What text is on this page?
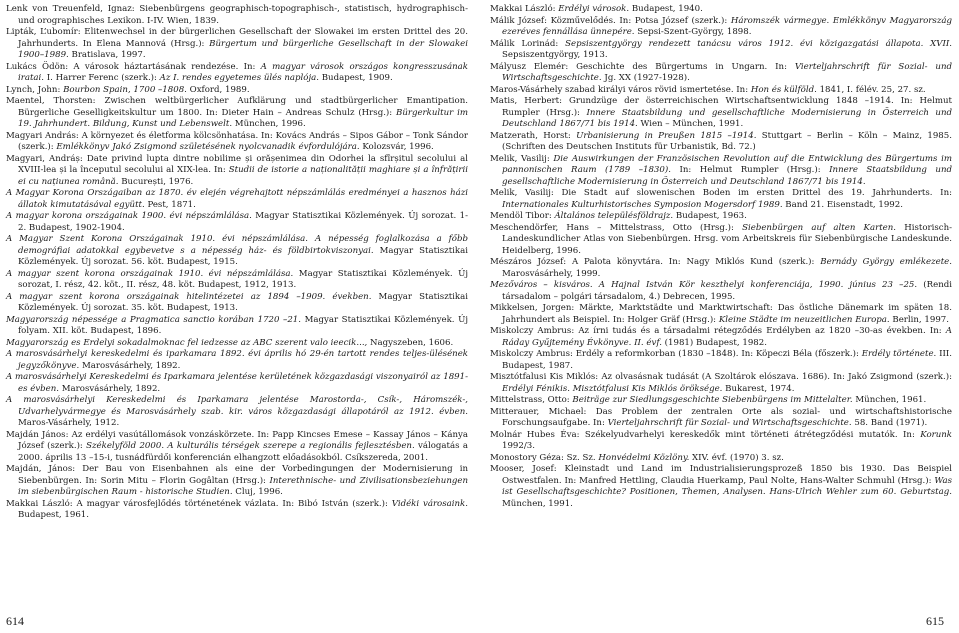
Lenk von Treuenfeld, Ignaz: Siebenbürgens geographisch-topographisch-, statistisch, hydrographisch- und orographisches Lexikon. I-IV. Wien, 1839.

Lipták, L’ubomír: Elitenwechsel in der bürgerlichen Gesellschaft der Slowakei im ersten Drittel des 20. Jahrhunderts. In Elena Mannová (Hrsg.): Bürgertum und bürgerliche Gesellschaft in der Slowakei 1900–1989. Bratislava, 1997.

Lukács Ödön: A városok háztartásának rendezése. In: A magyar városok országos kongresszusának iratai. I. Harrer Ferenc (szerk.): Az I. rendes egyetemes ülés naplója. Budapest, 1909.

Lynch, John: Bourbon Spain, 1700 –1808. Oxford, 1989.

Maentel, Thorsten: Zwischen weltbürgerlicher Aufklärung und stadtbürgerlicher Emantipation. Bürgerliche Geselligkeitskultur um 1800. In: Dieter Hain – Andreas Schulz (Hrsg.): Bürgerkultur im 19. Jahrhundert. Bildung, Kunst und Lebenswelt. München, 1996.

Magyari András: A környezet és életforma kölcsönhatása. In: Kovács András – Sipos Gábor – Tonk Sándor (szerk.): Emlékkönyv Jakó Zsigmond születésének nyolcvanadik évfordulójára. Kolozsvár, 1996.

Magyari, Andráș: Date privind lupta dintre nobilime și orășenimea din Odorhei la sfîrșitul secolului al XVIII-lea și la începutul secolului al XIX-lea. In: Studii de istorie a naționalității maghiare și a înfrățirii ei cu națiunea română. București, 1976.

A Magyar Korona Országaiban az 1870. év elején végrehajtott népszámlálás eredményei a hasznos házi állatok kimutatásával együtt. Pest, 1871.

A magyar korona országainak 1900. évi népszámlálása. Magyar Statisztikai Közlemények. Új sorozat. 1-2. Budapest, 1902-1904.

A Magyar Szent Korona Országainak 1910. évi népszámlálása. A népesség foglalkozása a főbb demográfiai adatokkal egybevetve s a népesség ház- és földbirtokviszonyai. Magyar Statisztikai Közlemények. Új sorozat. 56. köt. Budapest, 1915.

A magyar szent korona országainak 1910. évi népszámlálása. Magyar Statisztikai Közlemények. Új sorozat, I. rész, 42. köt., II. rész, 48. köt. Budapest, 1912, 1913.

A magyar szent korona országainak hitelintézetei az 1894 –1909. években. Magyar Statisztikai Közlemények. Új sorozat. 35. köt. Budapest, 1913.

Magyarország népessége a Pragmatica sanctio korában 1720 –21. Magyar Statisztikai Közlemények. Új folyam. XII. köt. Budapest, 1896.

Magyarország es Erdelyi sokadalmoknac fel iedzesse az ABC szerent valo ieecik..., Nagyszeben, 1606.

A marosvásárhelyi kereskedelmi és iparkamara 1892. évi április hó 29-én tartott rendes teljes-ülésének jegyzőkönyve. Marosvásárhely, 1892.

A marosvásárhelyi Kereskedelmi és Iparkamara jelentése kerületének közgazdasági viszonyairól az 1891-es évben. Marosvásárhely, 1892.

A marosvásárhelyi Kereskedelmi és Iparkamara jelentése Marostorda-, Csík-, Háromszék-, Udvarhelyvármegye és Marosvásárhely szab. kir. város közgazdasági állapotáról az 1912. évben. Maros-Vásárhely, 1912.

Majdán János: Az erdélyi vasútállomások vonzáskörzete. In: Papp Kincses Emese – Kassay János – Kánya József (szerk.): Székelyföld 2000. A kulturális térségek szerepe a regionális fejlesztésben. válogatás a 2000. április 13 –15-i, tusnádfürdői konferencián elhangzott előadásokból. Csíkszereda, 2001.

Majdán, János: Der Bau von Eisenbahnen als eine der Vorbedingungen der Modernisierung in Siebenbürgen. In: Sorin Mitu – Florin Gogâltan (Hrsg.): Interethnische- und Zivilisationsbeziehungen im siebenbürgischen Raum - historische Studien. Cluj, 1996.

Makkai László: A magyar városfejlődés történetének vázlata. In: Bibó István (szerk.): Vidéki városaink. Budapest, 1961.

Makkai László: Erdélyi városok. Budapest, 1940.

Málik József: Közművelődés. In: Potsa József (szerk.): Háromszék vármegye. Emlékkönyv Magyarország ezeréves fennállása ünnepére. Sepsi-Szent-György, 1898.

Málik Lorinád: Sepsiszentgyörgy rendezett tanácsu város 1912. évi közigazgatási állapota. XVII. Sepsiszentgyörgy, 1913.

Mályusz Elemér: Geschichte des Bürgertums in Ungarn. In: Vierteljahrschrift für Sozial- und Wirtschaftsgeschichte. Jg. XX (1927-1928).

Maros-Vásárhely szabad királyi város rövid ismertetése. In: Hon és külföld. 1841, I. félév. 25, 27. sz.

Matis, Herbert: Grundzüge der österreichischen Wirtschaftsentwicklung 1848 –1914. In: Helmut Rumpler (Hrsg.): Innere Staatsbildung und gesellschaftliche Modernisierung in Österreich und Deutschland 1867/71 bis 1914. Wien – München, 1991.

Matzerath, Horst: Urbanisierung in Preußen 1815 –1914. Stuttgart – Berlin – Köln – Mainz, 1985. (Schriften des Deutschen Instituts für Urbanistik, Bd. 72.)

Melik, Vasilij: Die Auswirkungen der Französischen Revolution auf die Entwicklung des Bürgertums im pannonischen Raum (1789 –1830). In: Helmut Rumpler (Hrsg.): Innere Staatsbildung und gesellschaftliche Modernisierung in Österreich und Deutschland 1867/71 bis 1914.

Melik, Vasilij: Die Stadt auf slowenischen Boden im ersten Drittel des 19. Jahrhunderts. In: Internationales Kulturhistorisches Symposion Mogersdorf 1989. Band 21. Eisenstadt, 1992.

Mendöl Tibor: Általános településföldrajz. Budapest, 1963.

Meschendörfer, Hans – Mittelstrass, Otto (Hrsg.): Siebenbürgen auf alten Karten. Historisch-Landeskundlicher Atlas von Siebenbürgen. Hrsg. vom Arbeitskreis für Siebenbürgische Landeskunde. Heidelberg, 1996.

Mészáros József: A Palota könyvtára. In: Nagy Miklós Kund (szerk.): Bernády György emlékezete. Marosvásárhely, 1999.

Mezőváros – kisváros. A Hajnal István Kör keszthelyi konferenciája, 1990. június 23 –25. (Rendi társadalom – polgári társadalom, 4.) Debrecen, 1995.

Mikkelsen, Jorgen: Märkte, Marktstädte und Marktwirtschaft: Das östliche Dänemark im späten 18. Jahrhundert als Beispiel. In: Holger Gräf (Hrsg.): Kleine Städte im neuzeitlichen Europa. Berlin, 1997.

Miskolczy Ambrus: Az írni tudás és a társadalmi rétegződés Erdélyben az 1820 –30-as években. In: A Ráday Gyűjtemény Évkönyve. II. évf. (1981) Budapest, 1982.

Miskolczy Ambrus: Erdély a reformkorban (1830 –1848). In: Köpeczi Béla (főszerk.): Erdély története. III. Budapest, 1987.

Misztótfalusi Kis Miklós: Az olvasásnak tudását (A Szoltárok elószava. 1686). In: Jakó Zsigmond (szerk.): Erdélyi Fénikis. Misztótfalusi Kis Miklós öröksége. Bukarest, 1974.

Mittelstrass, Otto: Beiträge zur Siedlungsgeschichte Siebenbürgens im Mittelalter. München, 1961.

Mitterauer, Michael: Das Problem der zentralen Orte als sozial- und wirtschaftshistorische Forschungsaufgabe. In: Vierteljahrschrift für Sozial- und Wirtschaftsgeschichte. 58. Band (1971).

Molnár Hubes Éva: Székelyudvarhelyi kereskedők mint történeti átrétegződési mutatók. In: Korunk 1992/3.

Monostory Géza: Sz. Sz. Honvédelmi Közlöny. XIV. évf. (1970) 3. sz.

Mooser, Josef: Kleinstadt und Land im Industrialisierungsprozeß 1850 bis 1930. Das Beispiel Ostwestfalen. In: Manfred Hettling, Claudia Huerkamp, Paul Nolte, Hans-Walter Schmuhl (Hrsg.): Was ist Gesellschaftsgeschichte? Positionen, Themen, Analysen. Hans-Ulrich Wehler zum 60. Geburtstag. München, 1991.

614	615
